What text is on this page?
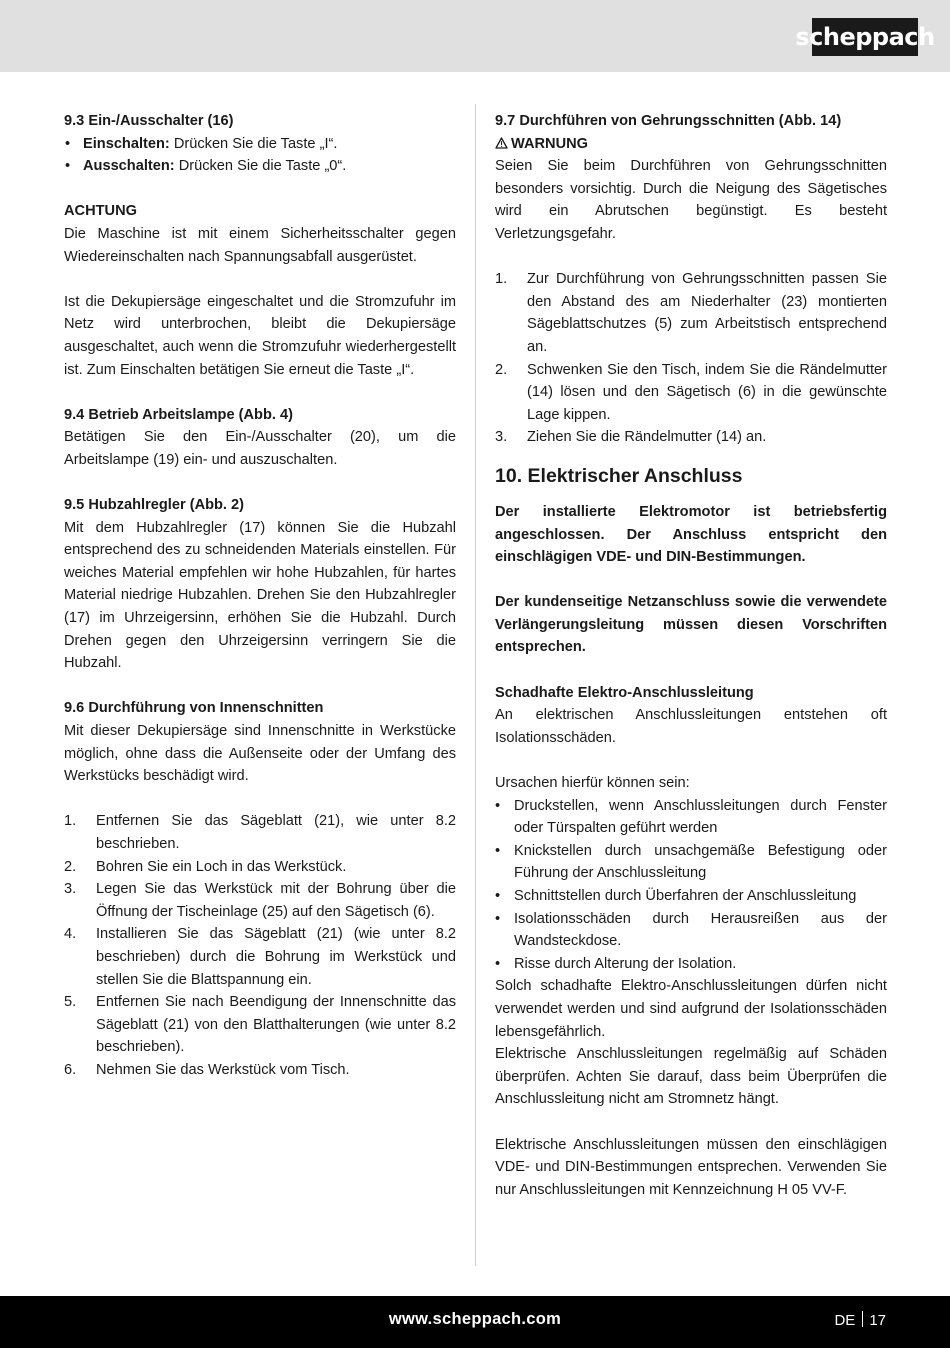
scheppach

9.3 Ein-/Ausschalter (16)

• Einschalten: Drücken Sie die Taste „I“.
• Ausschalten: Drücken Sie die Taste „0“.

ACHTUNG

Die Maschine ist mit einem Sicherheitsschalter gegen Wiedereinschalten nach Spannungsabfall ausgerüstet.

Ist die Dekupiersäge eingeschaltet und die Stromzufuhr im Netz wird unterbrochen, bleibt die Dekupiersäge ausgeschaltet, auch wenn die Stromzufuhr wiederhergestellt ist. Zum Einschalten betätigen Sie erneut die Taste „I“.

9.4 Betrieb Arbeitslampe (Abb. 4)

Betätigen Sie den Ein-/Ausschalter (20), um die Arbeitslampe (19) ein- und auszuschalten.

9.5 Hubzahlregler (Abb. 2)

Mit dem Hubzahlregler (17) können Sie die Hubzahl entsprechend des zu schneidenden Materials einstellen. Für weiches Material empfehlen wir hohe Hubzahlen, für hartes Material niedrige Hubzahlen. Drehen Sie den Hubzahlregler (17) im Uhrzeigersinn, erhöhen Sie die Hubzahl. Durch Drehen gegen den Uhrzeigersinn verringern Sie die Hubzahl.

9.6 Durchführung von Innenschnitten

Mit dieser Dekupiersäge sind Innenschnitte in Werkstücke möglich, ohne dass die Außenseite oder der Umfang des Werkstücks beschädigt wird.

1. Entfernen Sie das Sägeblatt (21), wie unter 8.2 beschrieben.
2. Bohren Sie ein Loch in das Werkstück.
3. Legen Sie das Werkstück mit der Bohrung über die Öffnung der Tischeinlage (25) auf den Sägetisch (6).
4. Installieren Sie das Sägeblatt (21) (wie unter 8.2 beschrieben) durch die Bohrung im Werkstück und stellen Sie die Blattspannung ein.
5. Entfernen Sie nach Beendigung der Innenschnitte das Sägeblatt (21) von den Blatthalterungen (wie unter 8.2 beschrieben).
6. Nehmen Sie das Werkstück vom Tisch.

9.7 Durchführen von Gehrungsschnitten (Abb. 14)

WARNUNG

Seien Sie beim Durchführen von Gehrungsschnitten besonders vorsichtig. Durch die Neigung des Sägetisches wird ein Abrutschen begünstigt. Es besteht Verletzungsgefahr.

1. Zur Durchführung von Gehrungsschnitten passen Sie den Abstand des am Niederhalter (23) montierten Sägeblattschutzes (5) zum Arbeitstisch entsprechend an.
2. Schwenken Sie den Tisch, indem Sie die Rändelmutter (14) lösen und den Sägetisch (6) in die gewünschte Lage kippen.
3. Ziehen Sie die Rändelmutter (14) an.

10. Elektrischer Anschluss

Der installierte Elektromotor ist betriebsfertig angeschlossen. Der Anschluss entspricht den einschlägigen VDE- und DIN-Bestimmungen.

Der kundenseitige Netzanschluss sowie die verwendete Verlängerungsleitung müssen diesen Vorschriften entsprechen.

Schadhafte Elektro-Anschlussleitung

An elektrischen Anschlussleitungen entstehen oft Isolationsschäden.

Ursachen hierfür können sein:

• Druckstellen, wenn Anschlussleitungen durch Fenster oder Türspalten geführt werden
• Knickstellen durch unsachgemäße Befestigung oder Führung der Anschlussleitung
• Schnittstellen durch Überfahren der Anschlussleitung
• Isolationsschäden durch Herausreißen aus der Wandsteckdose.
• Risse durch Alterung der Isolation.

Solch schadhafte Elektro-Anschlussleitungen dürfen nicht verwendet werden und sind aufgrund der Isolationsschäden lebensgefährlich.

Elektrische Anschlussleitungen regelmäßig auf Schäden überprüfen. Achten Sie darauf, dass beim Überprüfen die Anschlussleitung nicht am Stromnetz hängt.

Elektrische Anschlussleitungen müssen den einschlägigen VDE- und DIN-Bestimmungen entsprechen. Verwenden Sie nur Anschlussleitungen mit Kennzeichnung H 05 VV-F.

www.scheppach.com	DE 17
